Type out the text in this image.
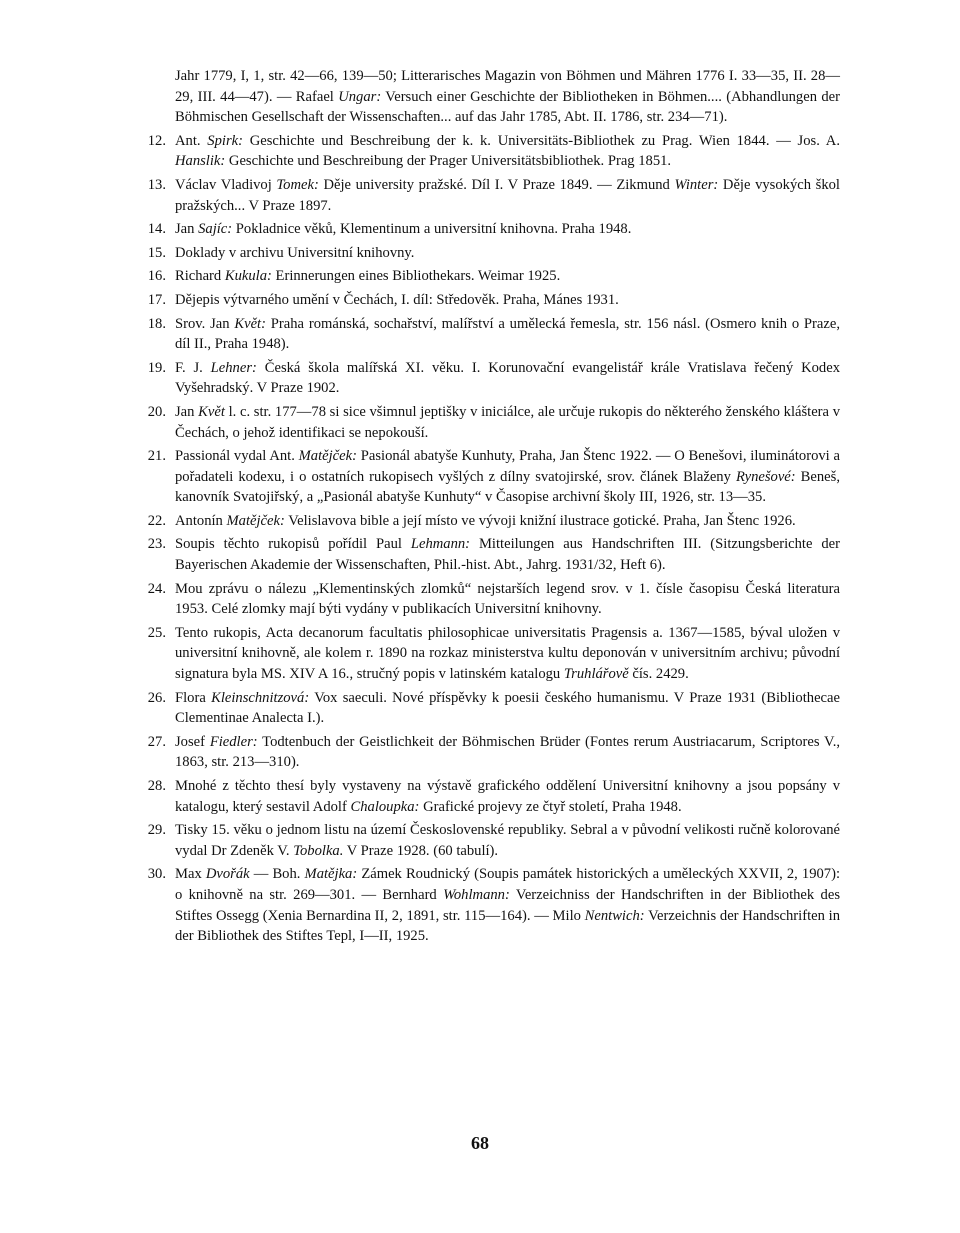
Jahr 1779, I, 1, str. 42—66, 139—50; Litterarisches Magazin von Böhmen und Mähren 1776 I. 33—35, II. 28—29, III. 44—47). — Rafael Ungar: Versuch einer Geschichte der Bibliotheken in Böhmen.... (Abhandlungen der Böhmischen Gesellschaft der Wissenschaften... auf das Jahr 1785, Abt. II. 1786, str. 234—71).
12. Ant. Spirk: Geschichte und Beschreibung der k. k. Universitäts-Bibliothek zu Prag. Wien 1844. — Jos. A. Hanslik: Geschichte und Beschreibung der Prager Universitätsbibliothek. Prag 1851.
13. Václav Vladivoj Tomek: Děje university pražské. Díl I. V Praze 1849. — Zikmund Winter: Děje vysokých škol pražských... V Praze 1897.
14. Jan Sajíc: Pokladnice věků, Klementinum a universitní knihovna. Praha 1948.
15. Doklady v archivu Universitní knihovny.
16. Richard Kukula: Erinnerungen eines Bibliothekars. Weimar 1925.
17. Dějepis výtvarného umění v Čechách, I. díl: Středověk. Praha, Mánes 1931.
18. Srov. Jan Květ: Praha románská, sochařství, malířství a umělecká řemesla, str. 156 násl. (Osmero knih o Praze, díl II., Praha 1948).
19. F. J. Lehner: Česká škola malířská XI. věku. I. Korunovační evangelistář krále Vratislava řečený Kodex Vyšehradský. V Praze 1902.
20. Jan Květ l. c. str. 177—78 si sice všimnul jeptišky v iniciálce, ale určuje rukopis do některého ženského kláštera v Čechách, o jehož identifikaci se nepokouší.
21. Passionál vydal Ant. Matějček: Pasionál abatyše Kunhuty, Praha, Jan Štenc 1922. — O Benešovi, iluminátorovi a pořadateli kodexu, i o ostatních rukopisech vyšlých z dílny svatojirské, srov. článek Blaženy Rynešové: Beneš, kanovník Svatojiřský, a „Pasionál abatyše Kunhuty“ v Časopise archivní školy III, 1926, str. 13—35.
22. Antonín Matějček: Velislavova bible a její místo ve vývoji knižní ilustrace gotické. Praha, Jan Štenc 1926.
23. Soupis těchto rukopisů pořídil Paul Lehmann: Mitteilungen aus Handschriften III. (Sitzungsberichte der Bayerischen Akademie der Wissenschaften, Phil.-hist. Abt., Jahrg. 1931/32, Heft 6).
24. Mou zprávu o nálezu „Klementinských zlomků“ nejstarších legend srov. v 1. čísle časopisu Česká literatura 1953. Celé zlomky mají býti vydány v publikacích Universitní knihovny.
25. Tento rukopis, Acta decanorum facultatis philosophicae universitatis Pragensis a. 1367—1585, býval uložen v universitní knihovně, ale kolem r. 1890 na rozkaz ministerstva kultu deponován v universitním archivu; původní signatura byla MS. XIV A 16., stručný popis v latinském katalogu Truhlářově čís. 2429.
26. Flora Kleinschnitzová: Vox saeculi. Nové příspěvky k poesii českého humanismu. V Praze 1931 (Bibliothecae Clementinae Analecta I.).
27. Josef Fiedler: Todtenbuch der Geistlichkeit der Böhmischen Brüder (Fontes rerum Austriacarum, Scriptores V., 1863, str. 213—310).
28. Mnohé z těchto thesí byly vystaveny na výstavě grafického oddělení Universitní knihovny a jsou popsány v katalogu, který sestavil Adolf Chaloupka: Grafické projevy ze čtyř století, Praha 1948.
29. Tisky 15. věku o jednom listu na území Československé republiky. Sebral a v původní velikosti ručně kolorované vydal Dr Zdeněk V. Tobolka. V Praze 1928. (60 tabulí).
30. Max Dvořák — Boh. Matějka: Zámek Roudnický (Soupis památek historických a uměleckých XXVII, 2, 1907): o knihovně na str. 269—301. — Bernhard Wohlmann: Verzeichniss der Handschriften in der Bibliothek des Stiftes Ossegg (Xenia Bernardina II, 2, 1891, str. 115—164). — Milo Nentwich: Verzeichnis der Handschriften in der Bibliothek des Stiftes Tepl, I—II, 1925.
68
